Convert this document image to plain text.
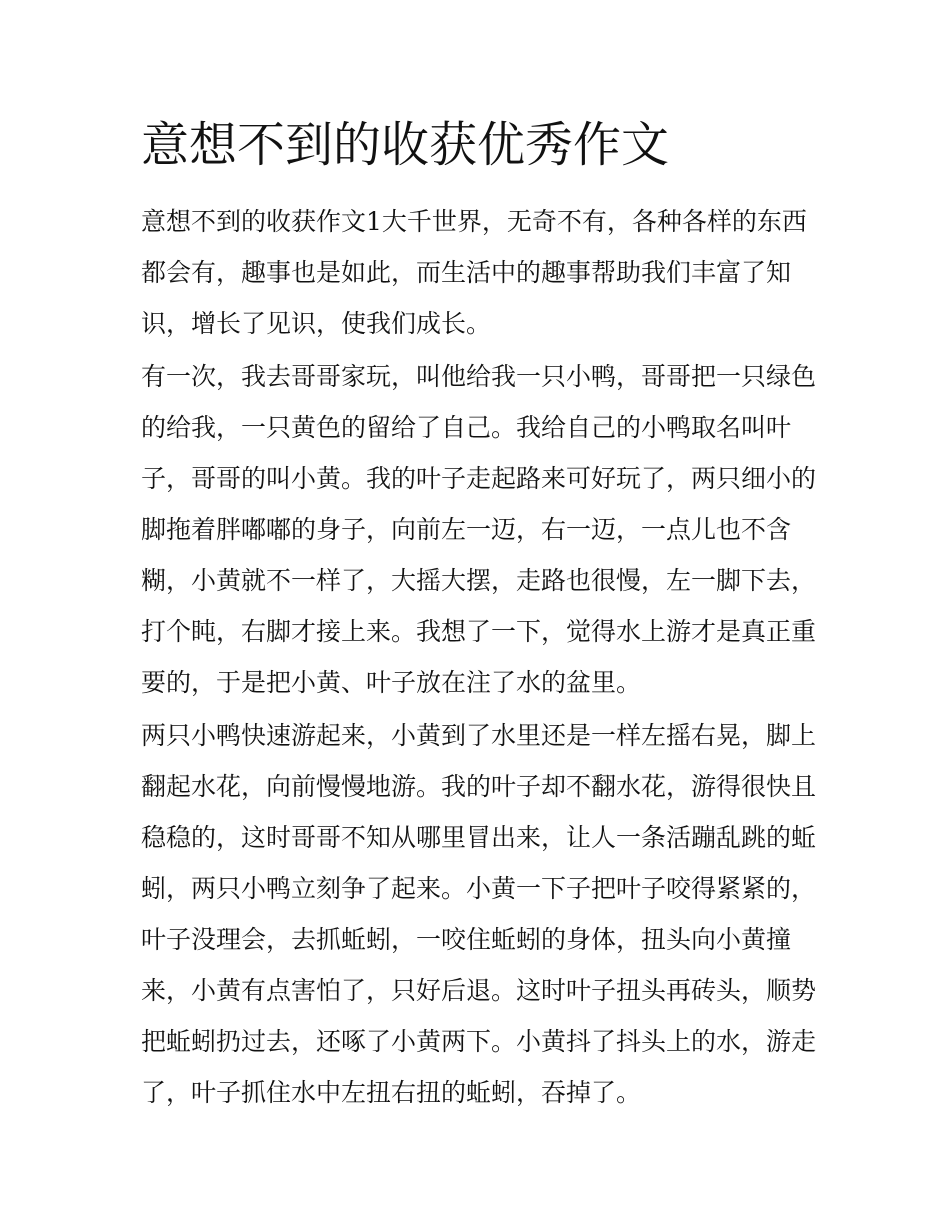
意想不到的收获优秀作文

意想不到的收获作文1大千世界，无奇不有，各种各样的东西都会有，趣事也是如此，而生活中的趣事帮助我们丰富了知识，增长了见识，使我们成长。

有一次，我去哥哥家玩，叫他给我一只小鸭，哥哥把一只绿色的给我，一只黄色的留给了自己。我给自己的小鸭取名叫叶子，哥哥的叫小黄。我的叶子走起路来可好玩了，两只细小的脚拖着胖嘟嘟的身子，向前左一迈，右一迈，一点儿也不含糊，小黄就不一样了，大摇大摆，走路也很慢，左一脚下去，打个盹，右脚才接上来。我想了一下，觉得水上游才是真正重要的，于是把小黄、叶子放在注了水的盆里。

两只小鸭快速游起来，小黄到了水里还是一样左摇右晃，脚上翻起水花，向前慢慢地游。我的叶子却不翻水花，游得很快且稳稳的，这时哥哥不知从哪里冒出来，让人一条活蹦乱跳的蚯蚓，两只小鸭立刻争了起来。小黄一下子把叶子咬得紧紧的，叶子没理会，去抓蚯蚓，一咬住蚯蚓的身体，扭头向小黄撞来，小黄有点害怕了，只好后退。这时叶子扭头再砖头，顺势把蚯蚓扔过去，还啄了小黄两下。小黄抖了抖头上的水，游走了，叶子抓住水中左扭右扭的蚯蚓，吞掉了。
